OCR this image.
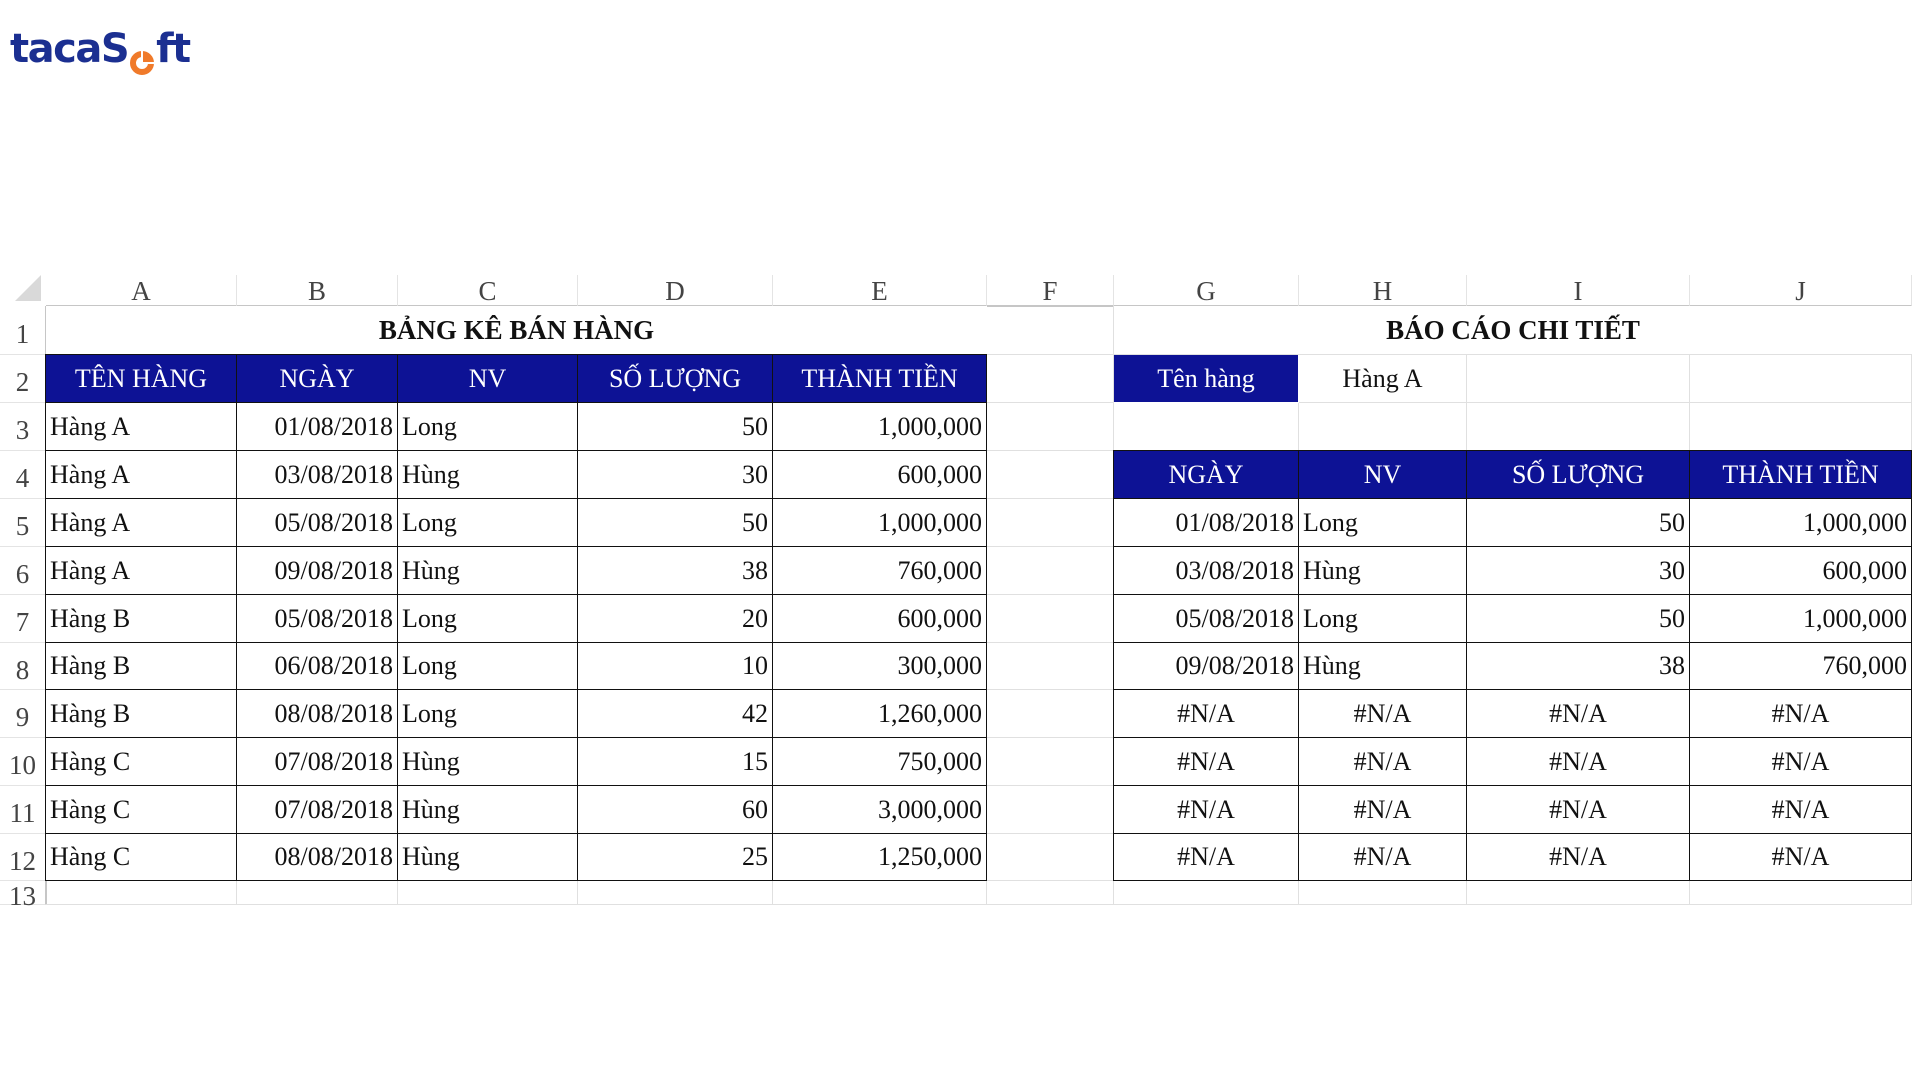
taca S ft
A	B	C	D	E	F	G	H	I	J
1
2
3
4
5
6
7
8
9
10
11
12
13
BẢNG KÊ BÁN HÀNG	BÁO CÁO CHI TIẾT
TÊN HÀNG	NGÀY	NV	SỐ LƯỢNG	THÀNH TIỀN
Hàng A	01/08/2018 Long	50	1,000,000
Hàng A	03/08/2018 Hùng	30	600,000
Hàng A	05/08/2018 Long	50	1,000,000
Hàng A	09/08/2018 Hùng	38	760,000
Hàng B	05/08/2018 Long	20	600,000
Hàng B	06/08/2018 Long	10	300,000
Hàng B	08/08/2018 Long	42	1,260,000
Hàng C	07/08/2018 Hùng	15	750,000
Hàng C	07/08/2018 Hùng	60	3,000,000
Hàng C	08/08/2018 Hùng	25	1,250,000
Tên hàng	Hàng A
NGÀY	NV	SỐ LƯỢNG	THÀNH TIỀN
01/08/2018 Long	50	1,000,000
03/08/2018 Hùng	30	600,000
05/08/2018 Long	50	1,000,000
09/08/2018 Hùng	38	760,000
#N/A	#N/A	#N/A	#N/A
#N/A	#N/A	#N/A	#N/A
#N/A	#N/A	#N/A	#N/A
#N/A	#N/A	#N/A	#N/A
